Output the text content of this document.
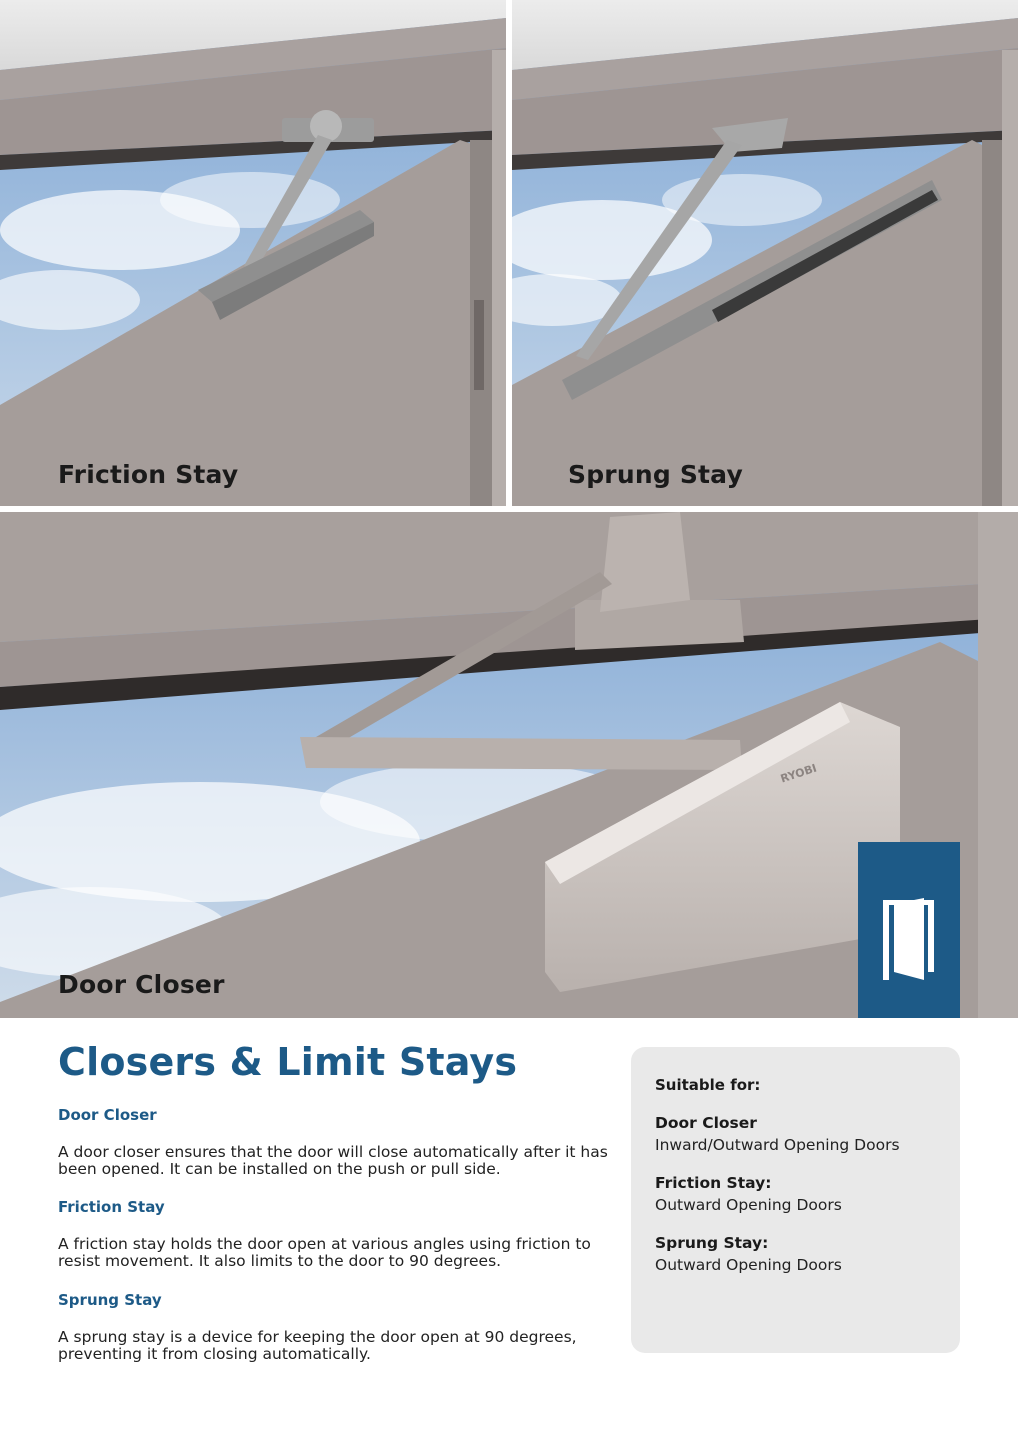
Friction Stay	Sprung Stay
Door Closer
RYOBI
Closers & Limit Stays
Door Closer
A door closer ensures that the door will close automatically after it has
been opened. It can be installed on the push or pull side.
Friction Stay
A friction stay holds the door open at various angles using friction to
resist movement. It also limits to the door to 90 degrees.
Sprung Stay
A sprung stay is a device for keeping the door open at 90 degrees,
preventing it from closing automatically.
Suitable for:
Door Closer
Inward/Outward Opening Doors
Friction Stay:
Outward Opening Doors
Sprung Stay:
Outward Opening Doors
